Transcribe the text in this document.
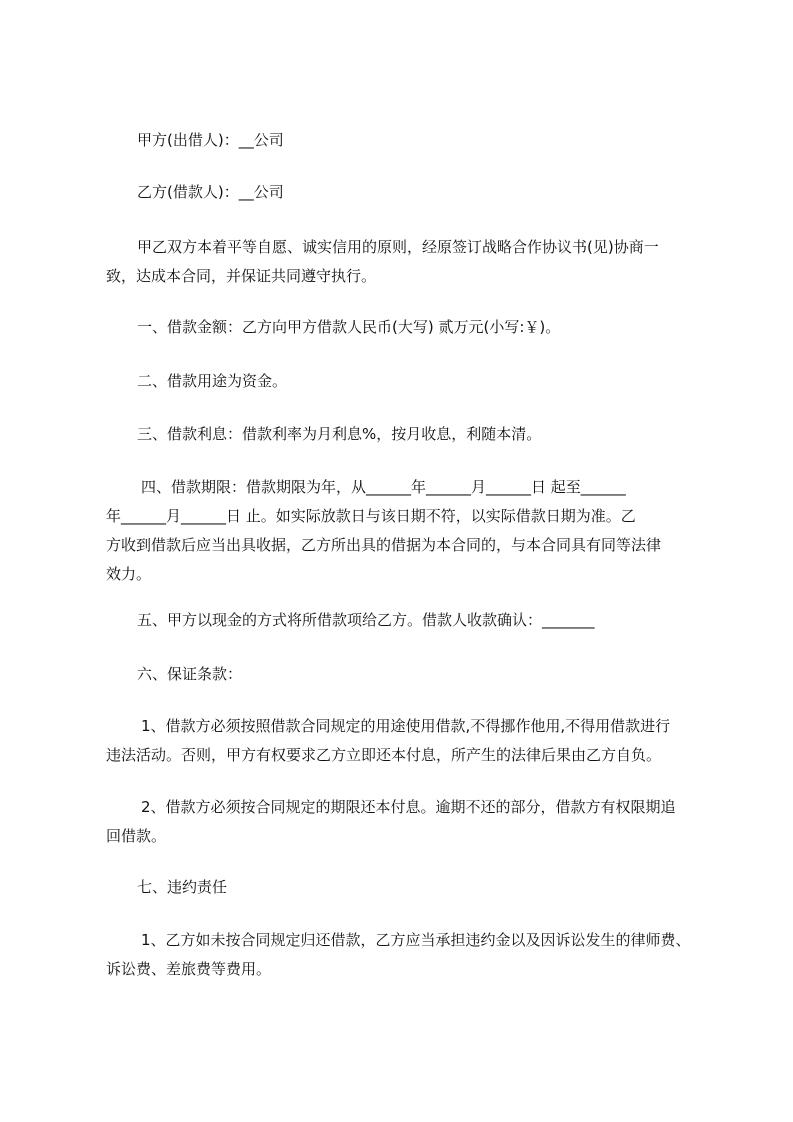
甲方(出借人)：__公司

乙方(借款人)：__公司

甲乙双方本着平等自愿、诚实信用的原则，经原签订战略合作协议书(见)协商一
致，达成本合同，并保证共同遵守执行。

一、借款金额：乙方向甲方借款人民币(大写) 贰万元(小写:￥)。

二、借款用途为资金。

三、借款利息：借款利率为月利息%，按月收息，利随本清。

四、借款期限：借款期限为年，从______年______月______日 起至______
年______月______日 止。如实际放款日与该日期不符，以实际借款日期为准。乙
方收到借款后应当出具收据，乙方所出具的借据为本合同的，与本合同具有同等法律
效力。

五、甲方以现金的方式将所借款项给乙方。借款人收款确认：_______

六、保证条款：

1、借款方必须按照借款合同规定的用途使用借款,不得挪作他用,不得用借款进行
违法活动。否则，甲方有权要求乙方立即还本付息，所产生的法律后果由乙方自负。
2、借款方必须按合同规定的期限还本付息。逾期不还的部分，借款方有权限期追
回借款。

七、违约责任

1、乙方如未按合同规定归还借款，乙方应当承担违约金以及因诉讼发生的律师费、
诉讼费、差旅费等费用。
